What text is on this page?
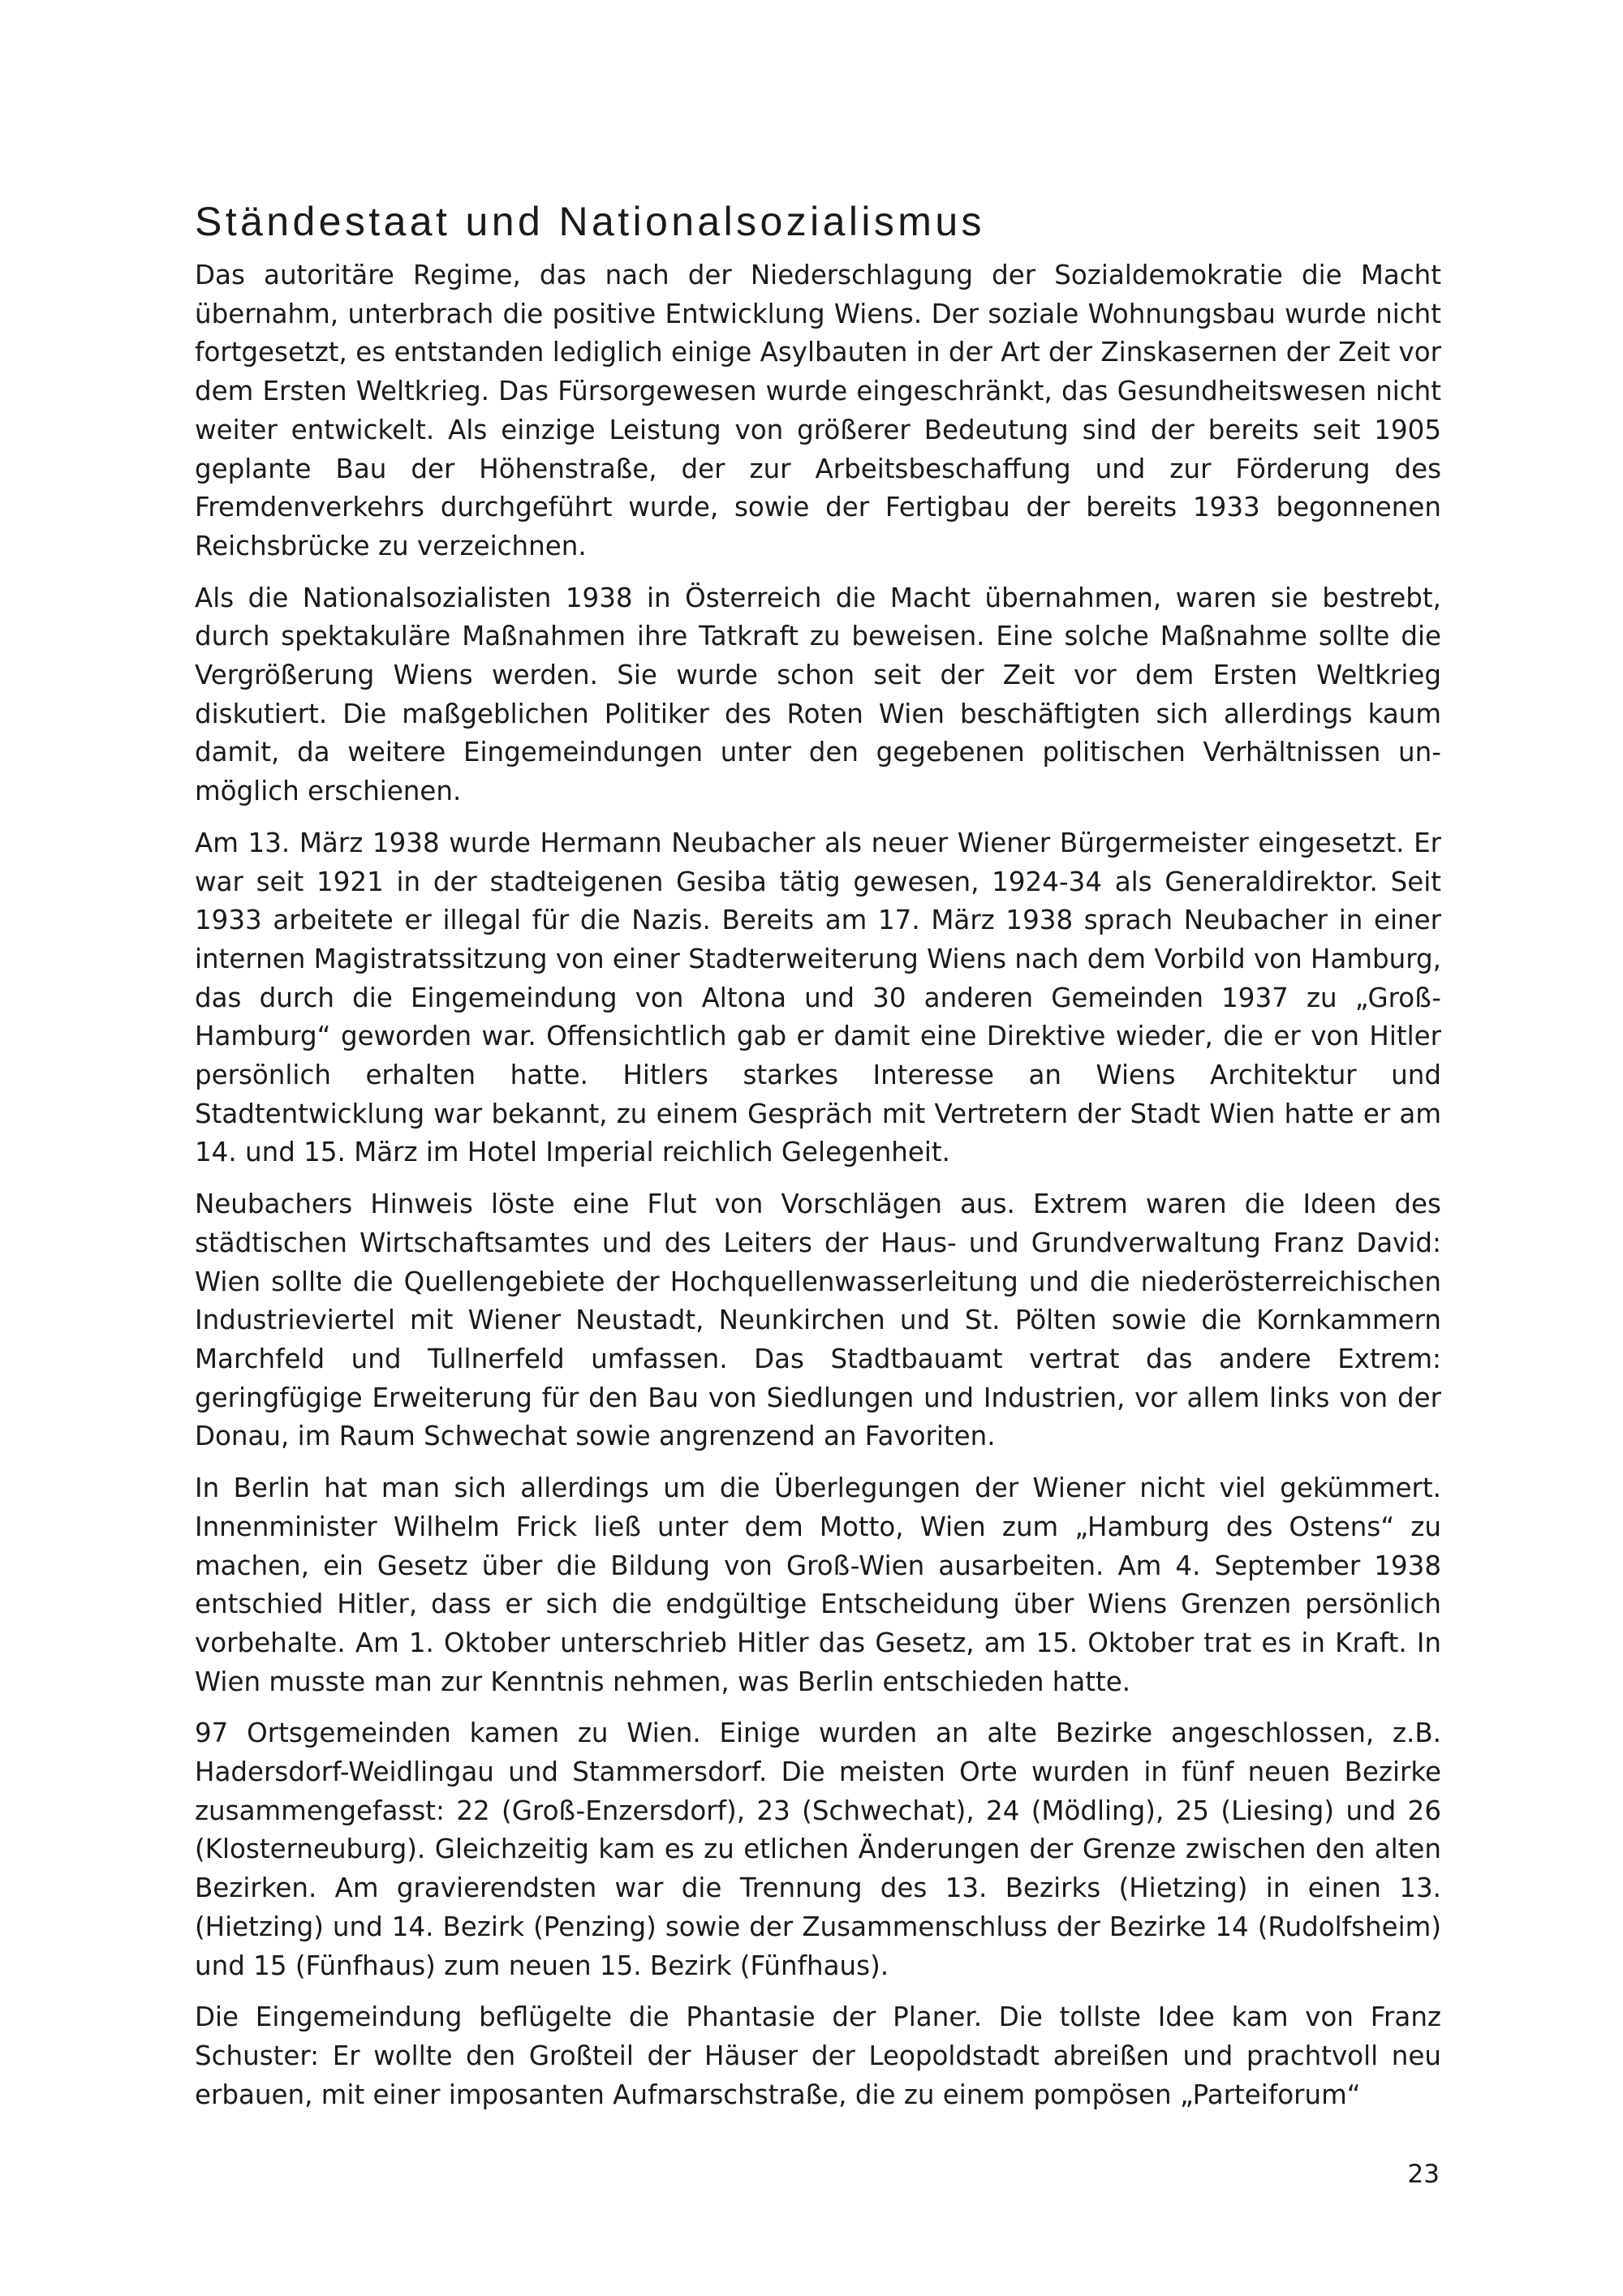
Ständestaat und Nationalsozialismus

Das autoritäre Regime, das nach der Niederschlagung der Sozialdemokratie die Macht übernahm, unterbrach die positive Entwicklung Wiens. Der soziale Wohnungsbau wurde nicht fortgesetzt, es entstanden lediglich einige Asylbauten in der Art der Zinskasernen der Zeit vor dem Ersten Weltkrieg. Das Fürsorgewesen wurde eingeschränkt, das Gesundheitswesen nicht weiter entwickelt. Als einzige Leistung von größerer Bedeutung sind der bereits seit 1905 geplante Bau der Höhenstraße, der zur Arbeitsbeschaffung und zur Förderung des Fremdenverkehrs durchgeführt wurde, sowie der Fertigbau der bereits 1933 begonnenen Reichsbrücke zu verzeichnen.

Als die Nationalsozialisten 1938 in Österreich die Macht übernahmen, waren sie bestrebt, durch spektakuläre Maßnahmen ihre Tatkraft zu beweisen. Eine solche Maßnahme sollte die Vergrößerung Wiens werden. Sie wurde schon seit der Zeit vor dem Ersten Weltkrieg diskutiert. Die maßgeblichen Politiker des Roten Wien beschäftigten sich allerdings kaum damit, da weitere Eingemeindungen unter den gegebenen politischen Verhältnissen unmöglich erschienen.

Am 13. März 1938 wurde Hermann Neubacher als neuer Wiener Bürgermeister eingesetzt. Er war seit 1921 in der stadteigenen Gesiba tätig gewesen, 1924-34 als Generaldirektor. Seit 1933 arbeitete er illegal für die Nazis. Bereits am 17. März 1938 sprach Neubacher in einer internen Magistratssitzung von einer Stadterweiterung Wiens nach dem Vorbild von Hamburg, das durch die Eingemeindung von Altona und 30 anderen Gemeinden 1937 zu „Groß-Hamburg“ geworden war. Offensichtlich gab er damit eine Direktive wieder, die er von Hitler persönlich erhalten hatte. Hitlers starkes Interesse an Wiens Architektur und Stadtentwicklung war bekannt, zu einem Gespräch mit Vertretern der Stadt Wien hatte er am 14. und 15. März im Hotel Imperial reichlich Gelegenheit.

Neubachers Hinweis löste eine Flut von Vorschlägen aus. Extrem waren die Ideen des städtischen Wirtschaftsamtes und des Leiters der Haus- und Grundverwaltung Franz David: Wien sollte die Quellengebiete der Hochquellenwasserleitung und die niederösterreichischen Industrieviertel mit Wiener Neustadt, Neunkirchen und St. Pölten sowie die Kornkammern Marchfeld und Tullnerfeld umfassen. Das Stadtbauamt vertrat das andere Extrem: geringfügige Erweiterung für den Bau von Siedlungen und Industrien, vor allem links von der Donau, im Raum Schwechat sowie angrenzend an Favoriten.

In Berlin hat man sich allerdings um die Überlegungen der Wiener nicht viel gekümmert. Innenminister Wilhelm Frick ließ unter dem Motto, Wien zum „Hamburg des Ostens“ zu machen, ein Gesetz über die Bildung von Groß-Wien ausarbeiten. Am 4. September 1938 entschied Hitler, dass er sich die endgültige Entscheidung über Wiens Grenzen persönlich vorbehalte. Am 1. Oktober unterschrieb Hitler das Gesetz, am 15. Oktober trat es in Kraft. In Wien musste man zur Kenntnis nehmen, was Berlin entschieden hatte.

97 Ortsgemeinden kamen zu Wien. Einige wurden an alte Bezirke angeschlossen, z.B. Hadersdorf-Weidlingau und Stammersdorf. Die meisten Orte wurden in fünf neuen Bezirke zusammengefasst: 22 (Groß-Enzersdorf), 23 (Schwechat), 24 (Mödling), 25 (Liesing) und 26 (Klosterneuburg). Gleichzeitig kam es zu etlichen Änderungen der Grenze zwischen den alten Bezirken. Am gravierendsten war die Trennung des 13. Bezirks (Hietzing) in einen 13. (Hietzing) und 14. Bezirk (Penzing) sowie der Zusammenschluss der Bezirke 14 (Rudolfsheim) und 15 (Fünfhaus) zum neuen 15. Bezirk (Fünfhaus).

Die Eingemeindung beflügelte die Phantasie der Planer. Die tollste Idee kam von Franz Schuster: Er wollte den Großteil der Häuser der Leopoldstadt abreißen und prachtvoll neu erbauen, mit einer imposanten Aufmarschstraße, die zu einem pompösen „Parteiforum“

23
